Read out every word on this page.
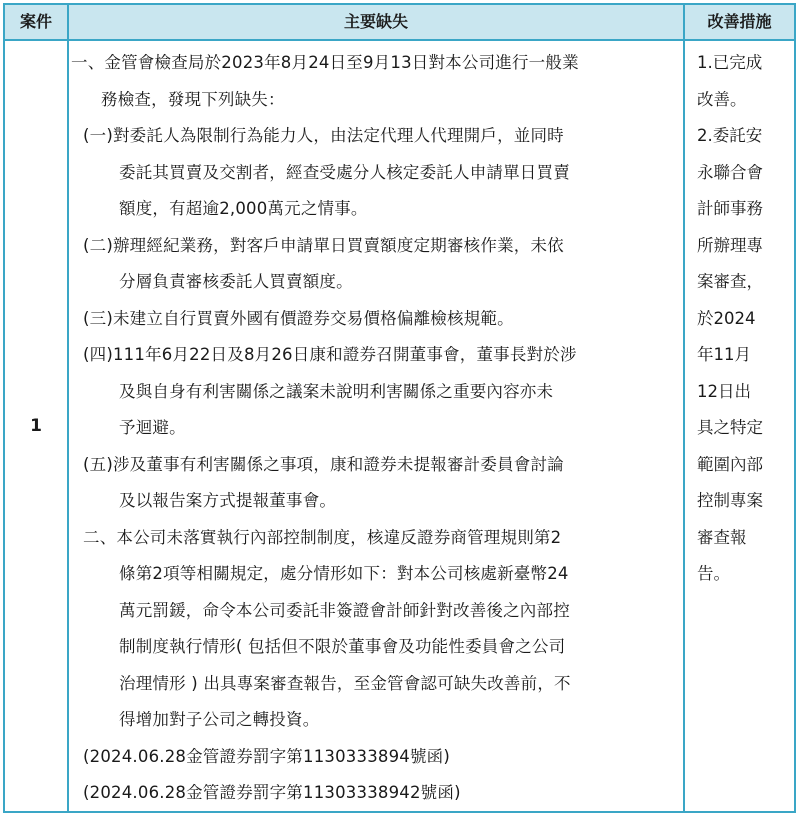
案件	主要缺失	改善措施
1
一、金管會檢查局於2023年8月24日至9月13日對本公司進行一般業
務檢查，發現下列缺失：
(一)對委託人為限制行為能力人，由法定代理人代理開戶，並同時
委託其買賣及交割者，經查受處分人核定委託人申請單日買賣
額度，有超逾2,000萬元之情事。
(二)辦理經紀業務，對客戶申請單日買賣額度定期審核作業，未依
分層負責審核委託人買賣額度。
(三)未建立自行買賣外國有價證券交易價格偏離檢核規範。
(四)111年6月22日及8月26日康和證券召開董事會，董事長對於涉
及與自身有利害關係之議案未說明利害關係之重要內容亦未
予迴避。
(五)涉及董事有利害關係之事項，康和證券未提報審計委員會討論
及以報告案方式提報董事會。
二、本公司未落實執行內部控制制度，核違反證券商管理規則第2
條第2項等相關規定，處分情形如下：對本公司核處新臺幣24
萬元罰鍰，命令本公司委託非簽證會計師針對改善後之內部控
制制度執行情形( 包括但不限於董事會及功能性委員會之公司
治理情形 ) 出具專案審查報告，至金管會認可缺失改善前，不
得增加對子公司之轉投資。
(2024.06.28金管證券罰字第1130333894號函)
(2024.06.28金管證券罰字第11303338942號函)
1.已完成
改善。
2.委託安
永聯合會
計師事務
所辦理專
案審查，
於2024
年11月
12日出
具之特定
範圍內部
控制專案
審查報
告。
